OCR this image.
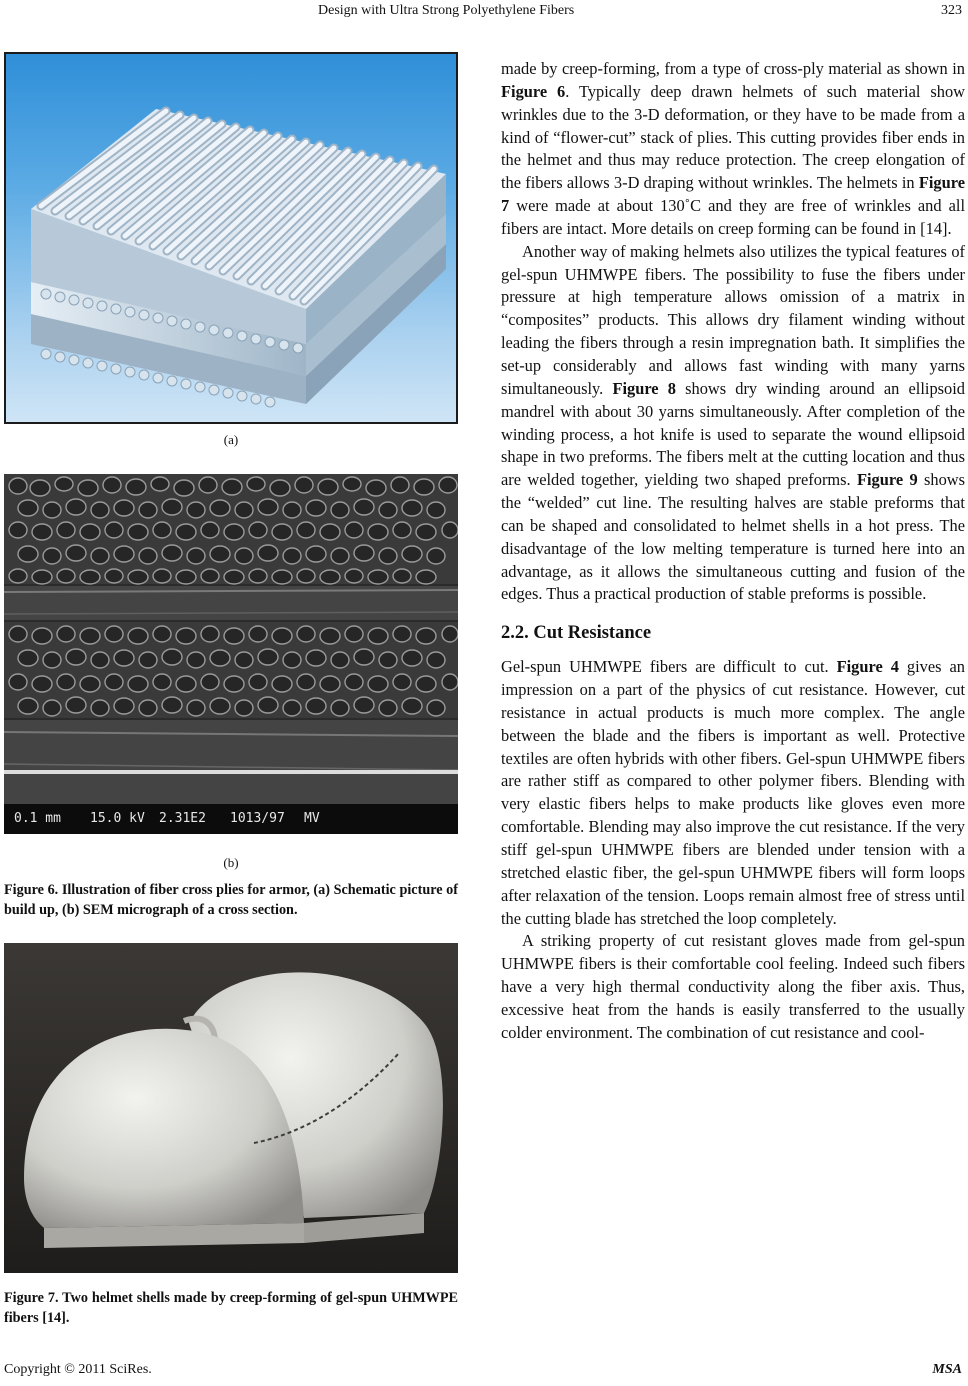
Design with Ultra Strong Polyethylene Fibers	323
(a)
0.1 mm 15.0 kV 2.31E2 1013/97 MV
(b)
Figure 6. Illustration of fiber cross plies for armor, (a) Schematic picture of build up, (b) SEM micrograph of a cross section.
Figure 7. Two helmet shells made by creep-forming of gel-spun UHMWPE fibers [14].

made by creep-forming, from a type of cross-ply material as shown in Figure 6. Typically deep drawn helmets of such material show wrinkles due to the 3-D deformation, or they have to be made from a kind of “flower-cut” stack of plies. This cutting provides fiber ends in the helmet and thus may reduce protection. The creep elongation of the fibers allows 3-D draping without wrinkles. The helmets in Figure 7 were made at about 130˚C and they are free of wrinkles and all fibers are intact. More details on creep forming can be found in [14].

Another way of making helmets also utilizes the typical features of gel-spun UHMWPE fibers. The possibility to fuse the fibers under pressure at high temperature allows omission of a matrix in “composites” products. This allows dry filament winding without leading the fibers through a resin impregnation bath. It simplifies the set-up considerably and allows fast winding with many yarns simultaneously. Figure 8 shows dry winding around an ellipsoid mandrel with about 30 yarns simultaneously. After completion of the winding process, a hot knife is used to separate the wound ellipsoid shape in two preforms. The fibers melt at the cutting location and thus are welded together, yielding two shaped preforms. Figure 9 shows the “welded” cut line. The resulting halves are stable preforms that can be shaped and consolidated to helmet shells in a hot press. The disadvantage of the low melting temperature is turned here into an advantage, as it allows the simultaneous cutting and fusion of the edges. Thus a practical production of stable preforms is possible.

2.2. Cut Resistance

Gel-spun UHMWPE fibers are difficult to cut. Figure 4 gives an impression on a part of the physics of cut resistance. However, cut resistance in actual products is much more complex. The angle between the blade and the fibers is important as well. Protective textiles are often hybrids with other fibers. Gel-spun UHMWPE fibers are rather stiff as compared to other polymer fibers. Blending with very elastic fibers helps to make products like gloves even more comfortable. Blending may also improve the cut resistance. If the very stiff gel-spun UHMWPE fibers are blended under tension with a stretched elastic fiber, the gel-spun UHMWPE fibers will form loops after relaxation of the tension. Loops remain almost free of stress until the cutting blade has stretched the loop completely.

A striking property of cut resistant gloves made from gel-spun UHMWPE fibers is their comfortable cool feeling. Indeed such fibers have a very high thermal conductivity along the fiber axis. Thus, excessive heat from the hands is easily transferred to the usually colder environment. The combination of cut resistance and cool-

Copyright © 2011 SciRes.	MSA
